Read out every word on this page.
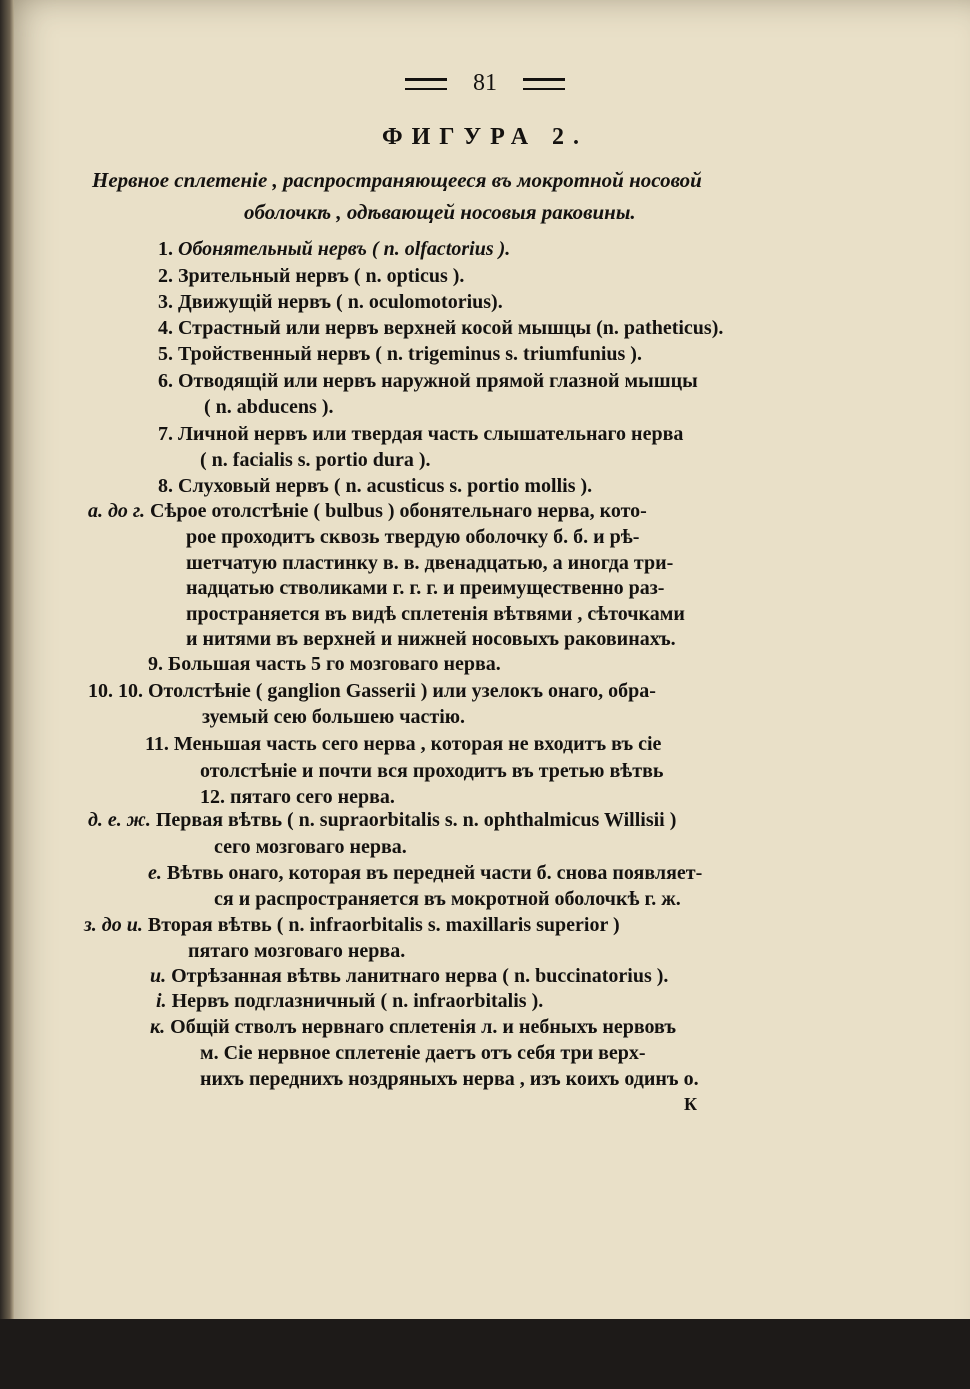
81
ФИГУРА 2.
Нервное сплетеніе , распространяющееся въ мокротной носовой
оболочкѣ , одѣвающей носовыя раковины.
1. Обонятельный нервъ ( n. olfactorius ).
2. Зрительный нервъ ( n. opticus ).
3. Движущій нервъ ( n. oculomotorius).
4. Страстный или нервъ верхней косой мышцы (n. patheticus).
5. Тройственный нервъ ( n. trigeminus s. triumfunius ).
6. Отводящій или нервъ наружной прямой глазной мышцы
( n. abducens ).
7. Личной нервъ или твердая часть слышательнаго нерва
( n. facialis s. portio dura ).
8. Слуховый нервъ ( n. acusticus s. portio mollis ).
а. до г. Сѣрое отолстѣніе ( bulbus ) обонятельнаго нерва, кото-
рое проходитъ сквозь твердую оболочку б. б. и рѣ-
шетчатую пластинку в. в. двенадцатью, а иногда три-
надцатью стволиками г. г. г. и преимущественно раз-
пространяется въ видѣ сплетенія вѣтвями , сѣточками
и нитями въ верхней и нижней носовыхъ раковинахъ.
9. Большая часть 5 го мозговаго нерва.
10. 10. Отолстѣніе ( ganglion Gasserii ) или узелокъ онаго, обра-
зуемый сею большею частію.
11. Меньшая часть сего нерва , которая не входитъ въ сіе
отолстѣніе и почти вся проходитъ въ третью вѣтвь
12. пятаго сего нерва.
д. е. ж. Первая вѣтвь ( n. supraorbitalis s. n. ophthalmicus Willisii )
сего мозговаго нерва.
е. Вѣтвь онаго, которая въ передней части б. снова появляет-
ся и распространяется въ мокротной оболочкѣ г. ж.
з. до и. Вторая вѣтвь ( n. infraorbitalis s. maxillaris superior )
пятаго мозговаго нерва.
и. Отрѣзанная вѣтвь ланитнаго нерва ( n. buccinatorius ).
і. Нервъ подглазничный ( n. infraorbitalis ).
к. Общій стволъ нервнаго сплетенія л. и небныхъ нервовъ
м. Сіе нервное сплетеніе даетъ отъ себя три верх-
нихъ переднихъ ноздряныхъ нерва , изъ коихъ одинъ о.
К
